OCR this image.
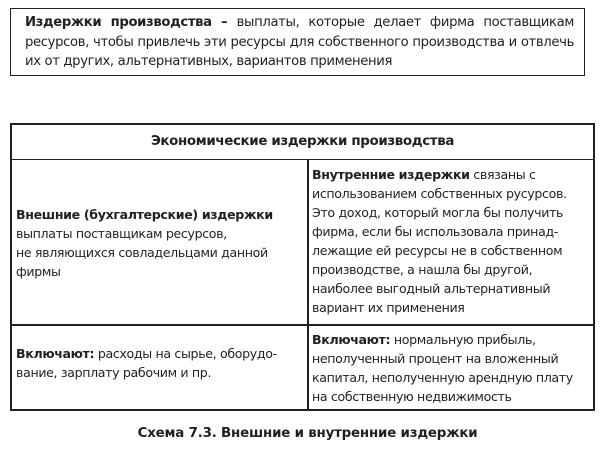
Издержки производства – выплаты, которые делает фирма поставщикам ресурсов, чтобы привлечь эти ресурсы для собственного производства и отвлечь их от других, альтернативных, вариантов применения
Экономические издержки производства
Внешние (бухгалтерские) издержки
выплаты поставщикам ресурсов,
не являющихся совладельцами данной
фирмы
Внутренние издержки связаны с
использованием собственных русурсов.
Это доход, который могла бы получить
фирма, если бы использовала принад-
лежащие ей ресурсы не в собственном
производстве, а нашла бы другой,
наиболее выгодный альтернативный
вариант их применения
Включают: расходы на сырье, оборудо-
вание, зарплату рабочим и пр.
Включают: нормальную прибыль,
неполученный процент на вложенный
капитал, неполученную арендную плату
на собственную недвижимость
Схема 7.3. Внешние и внутренние издержки
